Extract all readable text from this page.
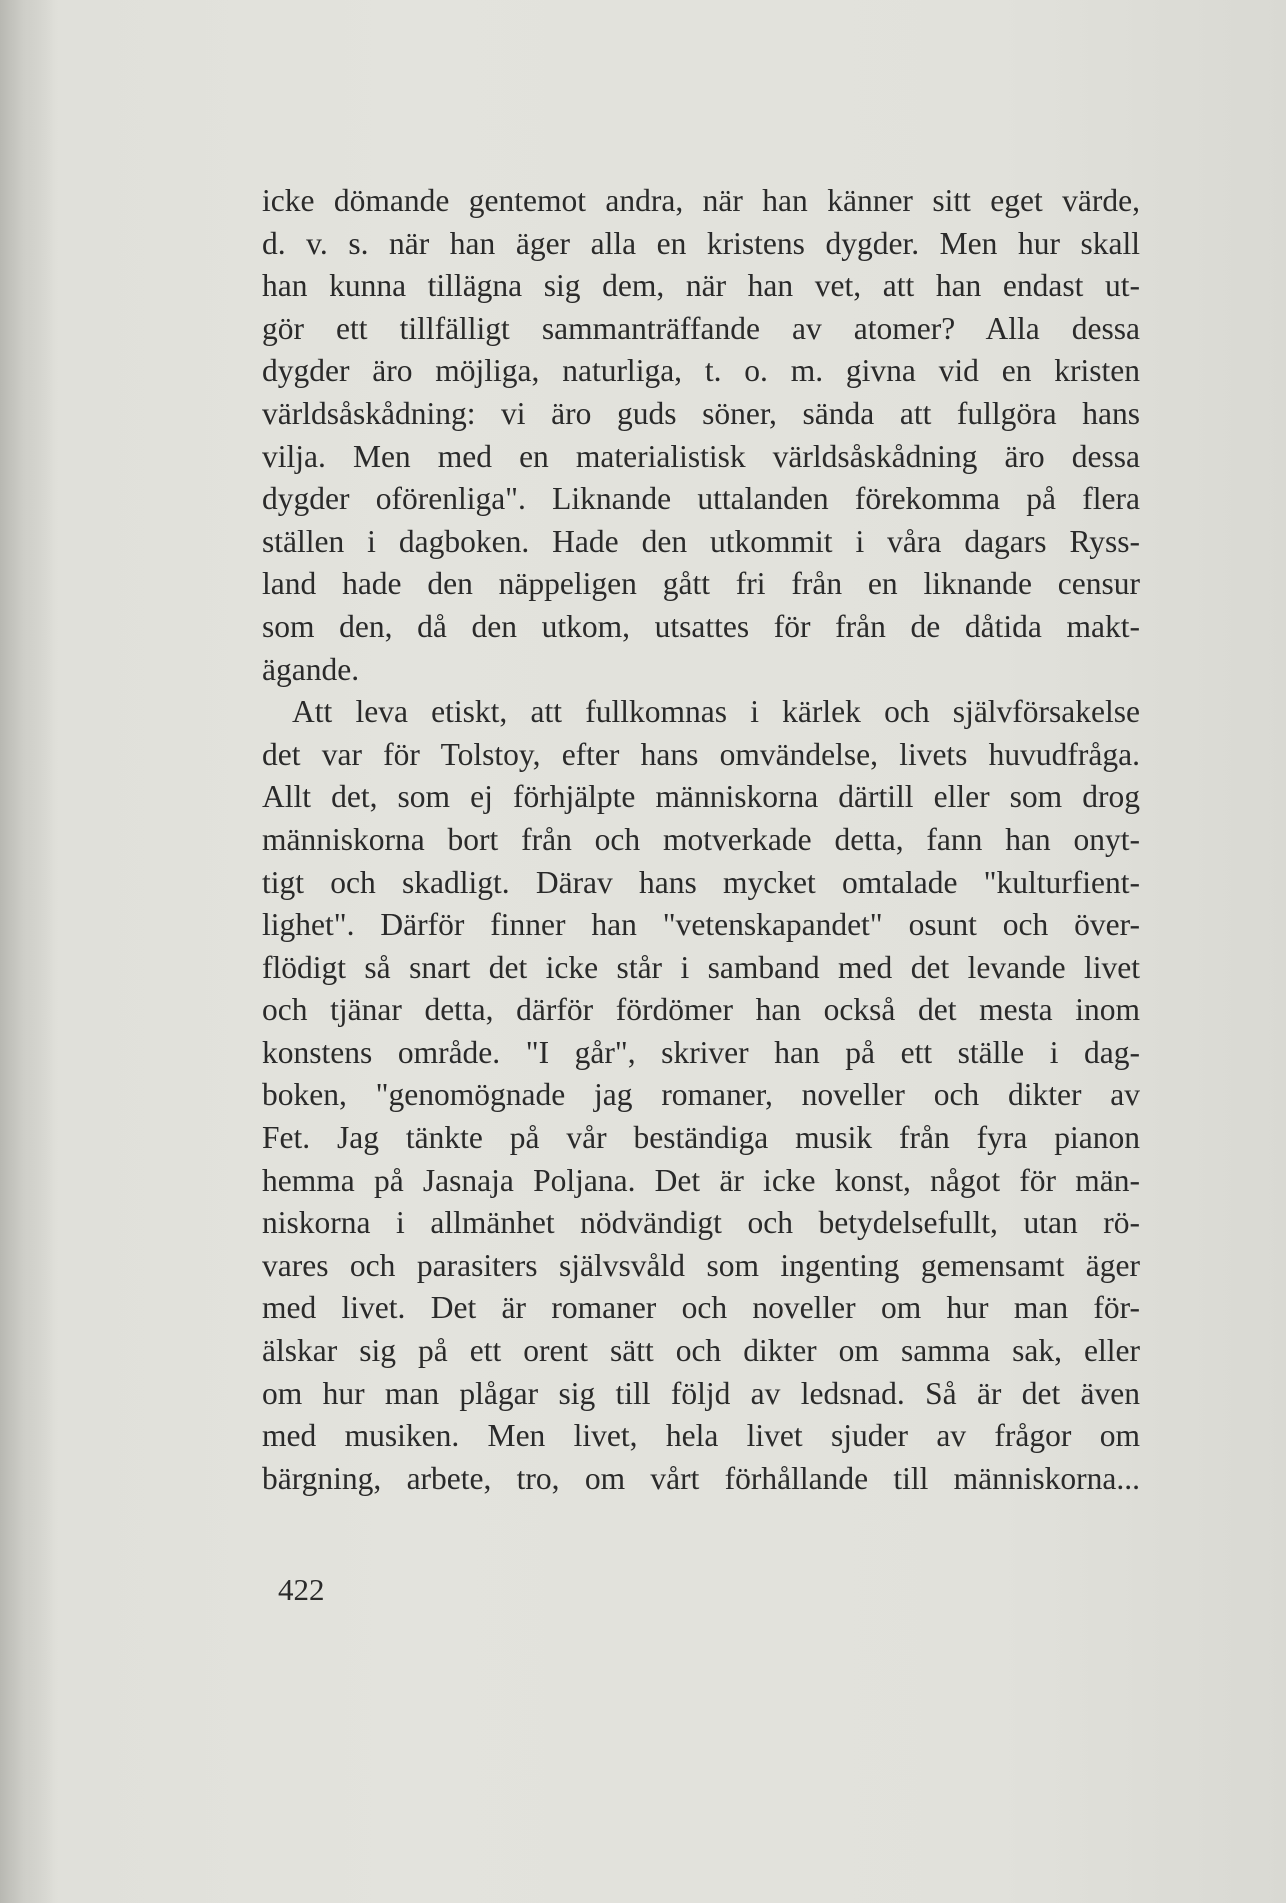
icke dömande gentemot andra, när han känner sitt eget värde,
d. v. s. när han äger alla en kristens dygder. Men hur skall
han kunna tillägna sig dem, när han vet, att han endast ut-
gör ett tillfälligt sammanträffande av atomer? Alla dessa
dygder äro möjliga, naturliga, t. o. m. givna vid en kristen
världsåskådning: vi äro guds söner, sända att fullgöra hans
vilja. Men med en materialistisk världsåskådning äro dessa
dygder oförenliga". Liknande uttalanden förekomma på flera
ställen i dagboken. Hade den utkommit i våra dagars Ryss-
land hade den näppeligen gått fri från en liknande censur
som den, då den utkom, utsattes för från de dåtida makt-
ägande.
Att leva etiskt, att fullkomnas i kärlek och självförsakelse
det var för Tolstoy, efter hans omvändelse, livets huvudfråga.
Allt det, som ej förhjälpte människorna därtill eller som drog
människorna bort från och motverkade detta, fann han onyt-
tigt och skadligt. Därav hans mycket omtalade "kulturfient-
lighet". Därför finner han "vetenskapandet" osunt och över-
flödigt så snart det icke står i samband med det levande livet
och tjänar detta, därför fördömer han också det mesta inom
konstens område. "I går", skriver han på ett ställe i dag-
boken, "genomögnade jag romaner, noveller och dikter av
Fet. Jag tänkte på vår beständiga musik från fyra pianon
hemma på Jasnaja Poljana. Det är icke konst, något för män-
niskorna i allmänhet nödvändigt och betydelsefullt, utan rö-
vares och parasiters självsvåld som ingenting gemensamt äger
med livet. Det är romaner och noveller om hur man för-
älskar sig på ett orent sätt och dikter om samma sak, eller
om hur man plågar sig till följd av ledsnad. Så är det även
med musiken. Men livet, hela livet sjuder av frågor om
bärgning, arbete, tro, om vårt förhållande till människorna...
422
